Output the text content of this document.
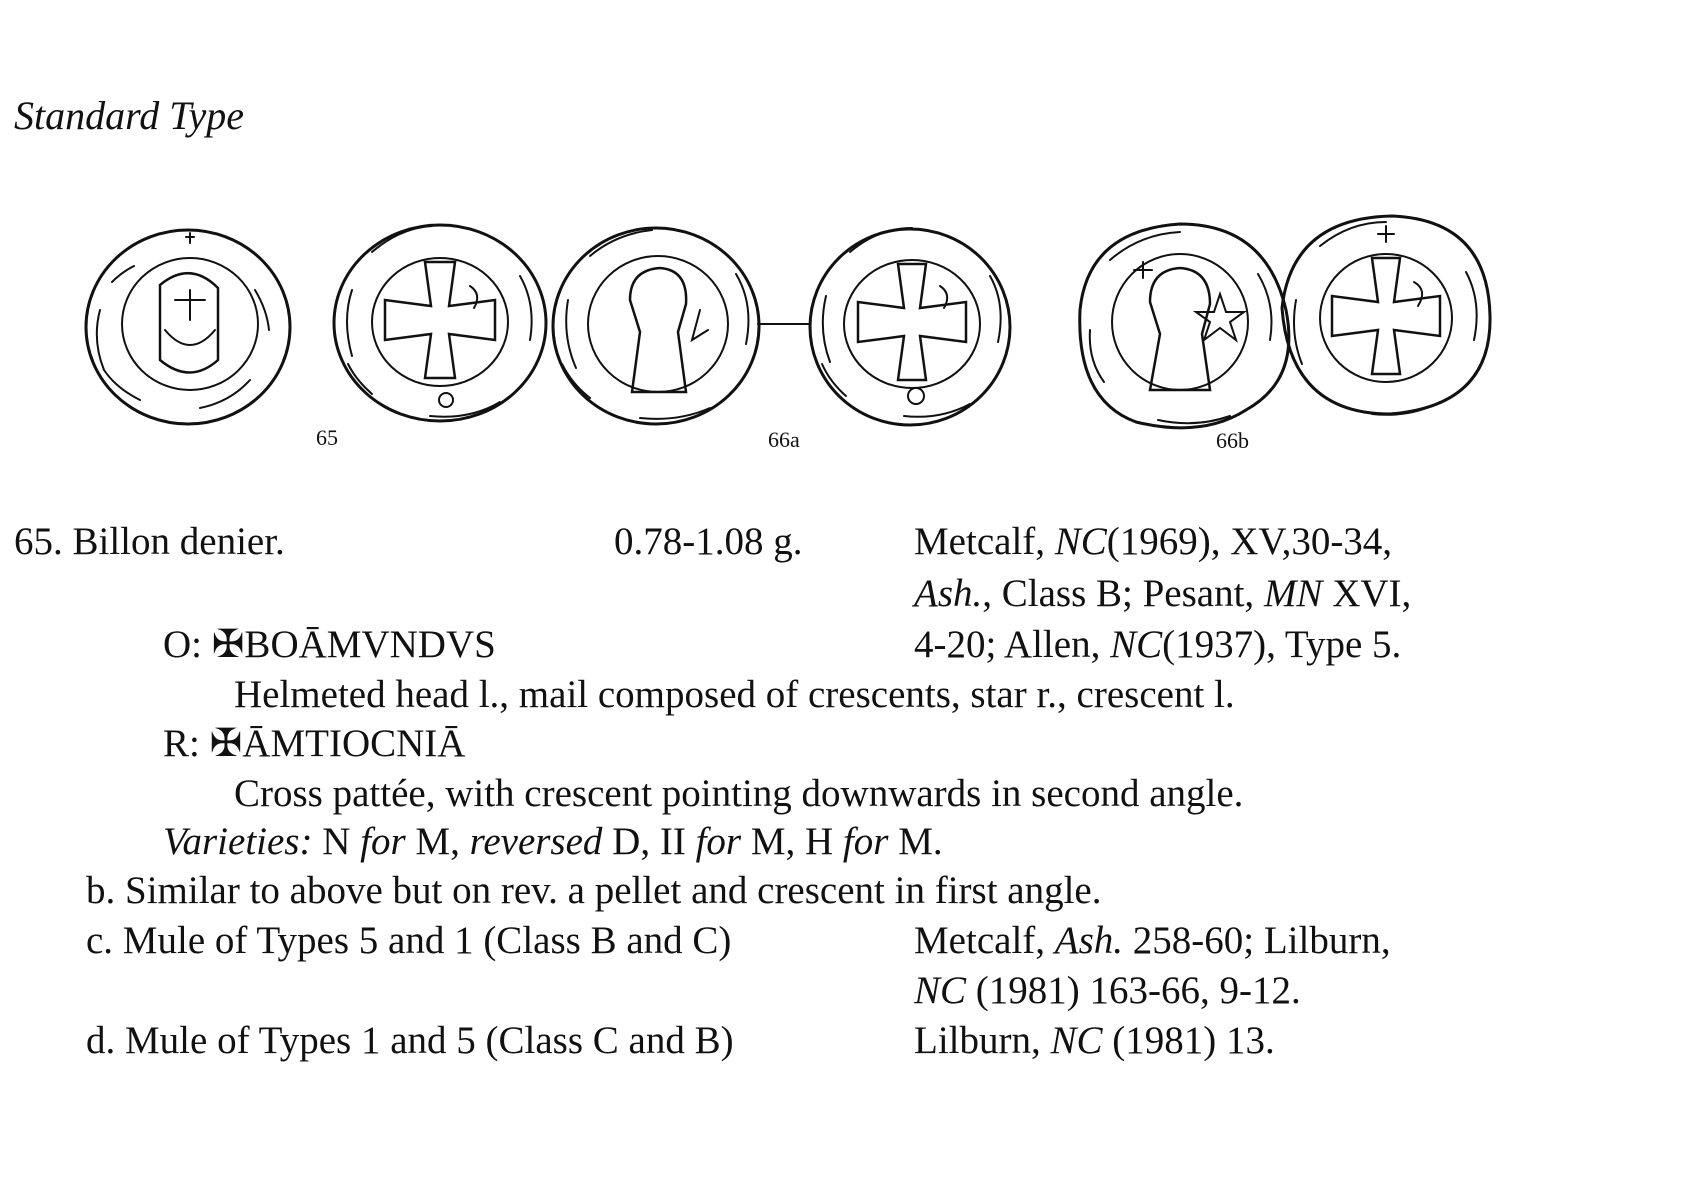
Standard Type
65	66a	66b
65. Billon denier.	0.78-1.08 g.	Metcalf, NC(1969), XV,30-34,
Ash., Class B; Pesant, MN XVI,
4-20; Allen, NC(1937), Type 5.
O: ✠BOĀMVNDVS
Helmeted head l., mail composed of crescents, star r., crescent l.
R: ✠ĀMTIOCNIĀ
Cross pattée, with crescent pointing downwards in second angle.
Varieties: N for M, reversed D, II for M, H for M.
b. Similar to above but on rev. a pellet and crescent in first angle.
c. Mule of Types 5 and 1 (Class B and C)	Metcalf, Ash. 258-60; Lilburn,
NC (1981) 163-66, 9-12.
d. Mule of Types 1 and 5 (Class C and B)	Lilburn, NC (1981) 13.
